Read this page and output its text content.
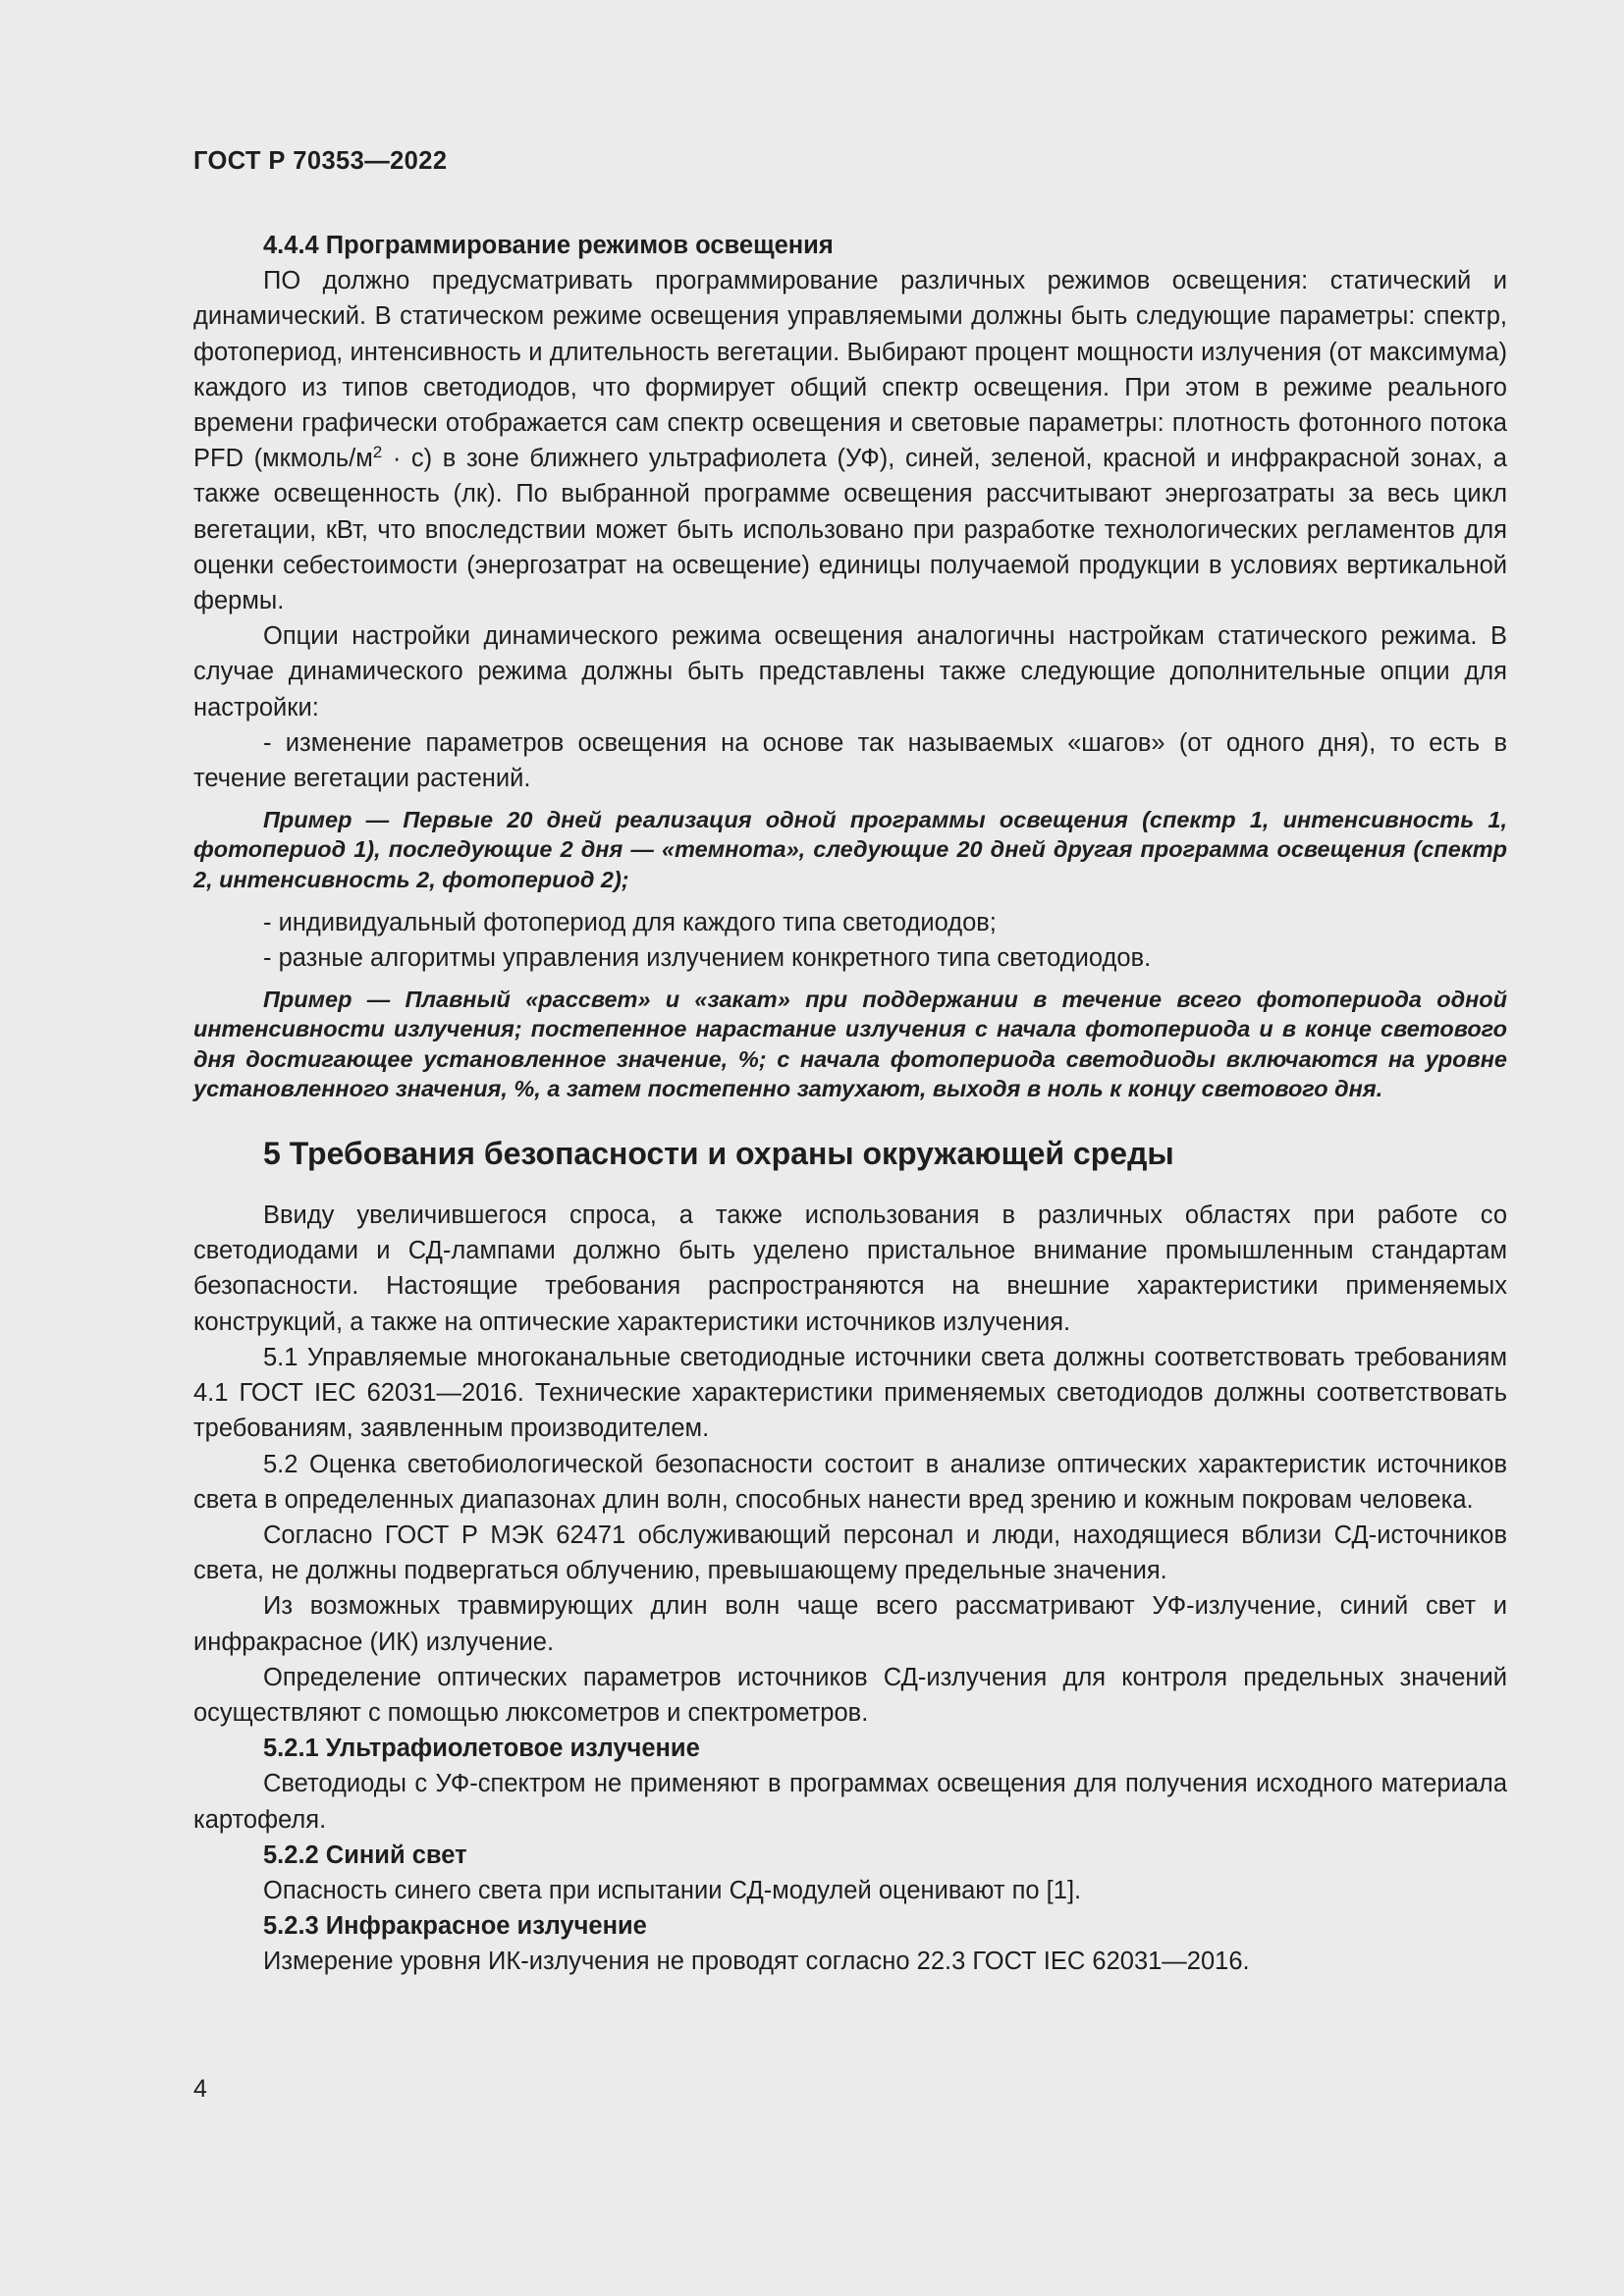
ГОСТ Р 70353—2022
4.4.4 Программирование режимов освещения

ПО должно предусматривать программирование различных режимов освещения: статический и динамический. В статическом режиме освещения управляемыми должны быть следующие параметры: спектр, фотопериод, интенсивность и длительность вегетации. Выбирают процент мощности излучения (от максимума) каждого из типов светодиодов, что формирует общий спектр освещения. При этом в режиме реального времени графически отображается сам спектр освещения и световые параметры: плотность фотонного потока PFD $(мкмоль/м^2 \cdot с)$ в зоне ближнего ультрафиолета (УФ), синей, зеленой, красной и инфракрасной зонах, а также освещенность (лк). По выбранной программе освещения рассчитывают энергозатраты за весь цикл вегетации, кВт, что впоследствии может быть использовано при разработке технологических регламентов для оценки себестоимости (энергозатрат на освещение) единицы получаемой продукции в условиях вертикальной фермы.

Опции настройки динамического режима освещения аналогичны настройкам статического режима. В случае динамического режима должны быть представлены также следующие дополнительные опции для настройки:

- изменение параметров освещения на основе так называемых «шагов» (от одного дня), то есть в течение вегетации растений.

Пример — Первые 20 дней реализация одной программы освещения (спектр 1, интенсивность 1, фотопериод 1), последующие 2 дня — «темнота», следующие 20 дней другая программа освещения (спектр 2, интенсивность 2, фотопериод 2);

- индивидуальный фотопериод для каждого типа светодиодов;

- разные алгоритмы управления излучением конкретного типа светодиодов.

Пример — Плавный «рассвет» и «закат» при поддержании в течение всего фотопериода одной интенсивности излучения; постепенное нарастание излучения с начала фотопериода и в конце светового дня достигающее установленное значение, %; с начала фотопериода светодиоды включаются на уровне установленного значения, %, а затем постепенно затухают, выходя в ноль к концу светового дня.
5 Требования безопасности и охраны окружающей среды

Ввиду увеличившегося спроса, а также использования в различных областях при работе со светодиодами и СД-лампами должно быть уделено пристальное внимание промышленным стандартам безопасности. Настоящие требования распространяются на внешние характеристики применяемых конструкций, а также на оптические характеристики источников излучения.

5.1 Управляемые многоканальные светодиодные источники света должны соответствовать требованиям 4.1 ГОСТ IEC 62031—2016. Технические характеристики применяемых светодиодов должны соответствовать требованиям, заявленным производителем.

5.2 Оценка светобиологической безопасности состоит в анализе оптических характеристик источников света в определенных диапазонах длин волн, способных нанести вред зрению и кожным покровам человека.

Согласно ГОСТ Р МЭК 62471 обслуживающий персонал и люди, находящиеся вблизи СД-источников света, не должны подвергаться облучению, превышающему предельные значения.

Из возможных травмирующих длин волн чаще всего рассматривают УФ-излучение, синий свет и инфракрасное (ИК) излучение.

Определение оптических параметров источников СД-излучения для контроля предельных значений осуществляют с помощью люксометров и спектрометров.

5.2.1 Ультрафиолетовое излучение

Светодиоды с УФ-спектром не применяют в программах освещения для получения исходного материала картофеля.

5.2.2 Синий свет

Опасность синего света при испытании СД-модулей оценивают по [1].

5.2.3 Инфракрасное излучение

Измерение уровня ИК-излучения не проводят согласно 22.3 ГОСТ IEC 62031—2016.

4
